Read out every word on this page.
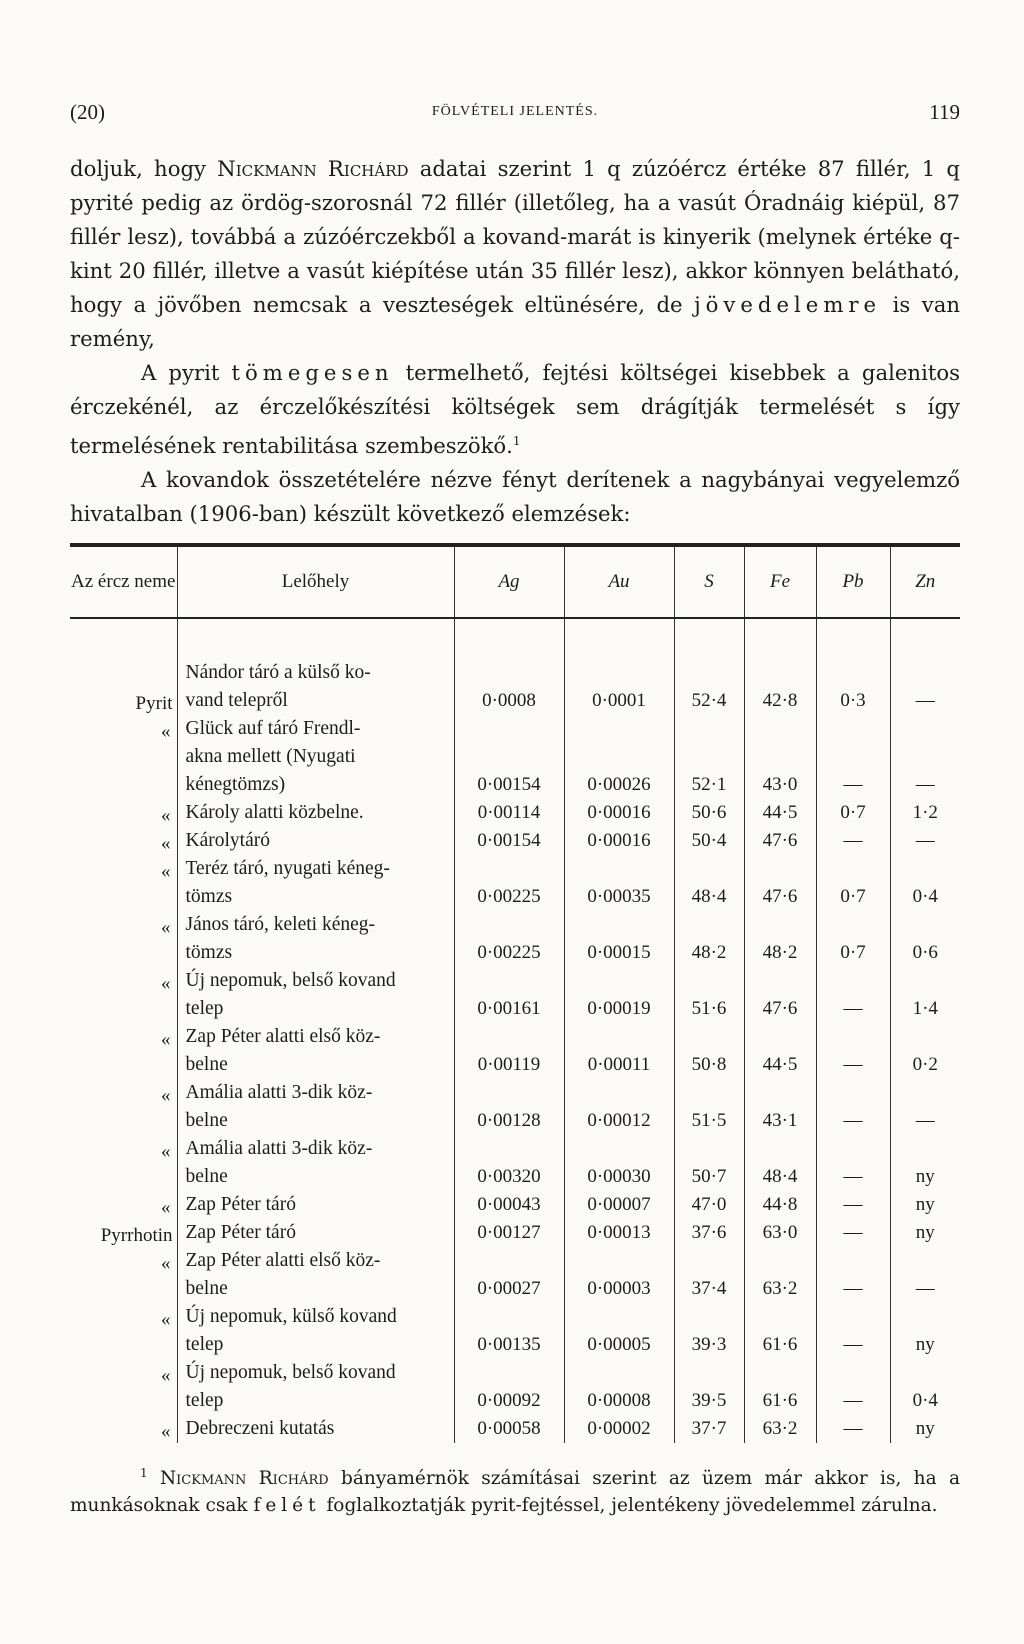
(20)	FÖLVÉTELI JELENTÉS.	119

doljuk, hogy Nickmann Richárd adatai szerint 1 q zúzóércz értéke 87 fillér, 1 q pyrité pedig az ördög-szorosnál 72 fillér (illetőleg, ha a vasút Óradnáig kiépül, 87 fillér lesz), továbbá a zúzóérczekből a kovand-marát is kinyerik (melynek értéke q-kint 20 fillér, illetve a vasút kiépítése után 35 fillér lesz), akkor könnyen belátható, hogy a jövőben nemcsak a veszteségek eltünésére, de jövedelemre is van remény,

A pyrit tömegesen termelhető, fejtési költségei kisebbek a galenitos érczekénél, az érczelőkészítési költségek sem drágítják termelését s így termelésének rentabilitása szembeszökő.$^1$

A kovandok összetételére nézve fényt derítenek a nagybányai vegyelemző hivatalban (1906-ban) készült következő elemzések:

Az ércz neme	Lelőhely	Ag	Au	S	Fe	Pb	Zn

	Nándor táró a külső ko-						
Pyrit	vand telepről	0·0008	0·0001	52·4	42·8	0·3	—
«	Glück auf táró Frendl-						
	akna mellett (Nyugati						
	kénegtömzs)	0·00154	0·00026	52·1	43·0	—	—
«	Károly alatti közbelne.	0·00114	0·00016	50·6	44·5	0·7	1·2
«	Károlytáró	0·00154	0·00016	50·4	47·6	—	—
«	Teréz táró, nyugati kéneg-						
	tömzs	0·00225	0·00035	48·4	47·6	0·7	0·4
«	János táró, keleti kéneg-						
	tömzs	0·00225	0·00015	48·2	48·2	0·7	0·6
«	Új nepomuk, belső kovand						
	telep	0·00161	0·00019	51·6	47·6	—	1·4
«	Zap Péter alatti első köz-						
	belne	0·00119	0·00011	50·8	44·5	—	0·2
«	Amália alatti 3-dik köz-						
	belne	0·00128	0·00012	51·5	43·1	—	—
«	Amália alatti 3-dik köz-						
	belne	0·00320	0·00030	50·7	48·4	—	ny
«	Zap Péter táró	0·00043	0·00007	47·0	44·8	—	ny
Pyrrhotin	Zap Péter táró	0·00127	0·00013	37·6	63·0	—	ny
«	Zap Péter alatti első köz-						
	belne	0·00027	0·00003	37·4	63·2	—	—
«	Új nepomuk, külső kovand						
	telep	0·00135	0·00005	39·3	61·6	—	ny
«	Új nepomuk, belső kovand						
	telep	0·00092	0·00008	39·5	61·6	—	0·4
«	Debreczeni kutatás	0·00058	0·00002	37·7	63·2	—	ny
$^1$ Nickmann Richárd bányamérnök számításai szerint az üzem már akkor is, ha a munkásoknak csak felét foglalkoztatják pyrit-fejtéssel, jelentékeny jövedelemmel zárulna.
